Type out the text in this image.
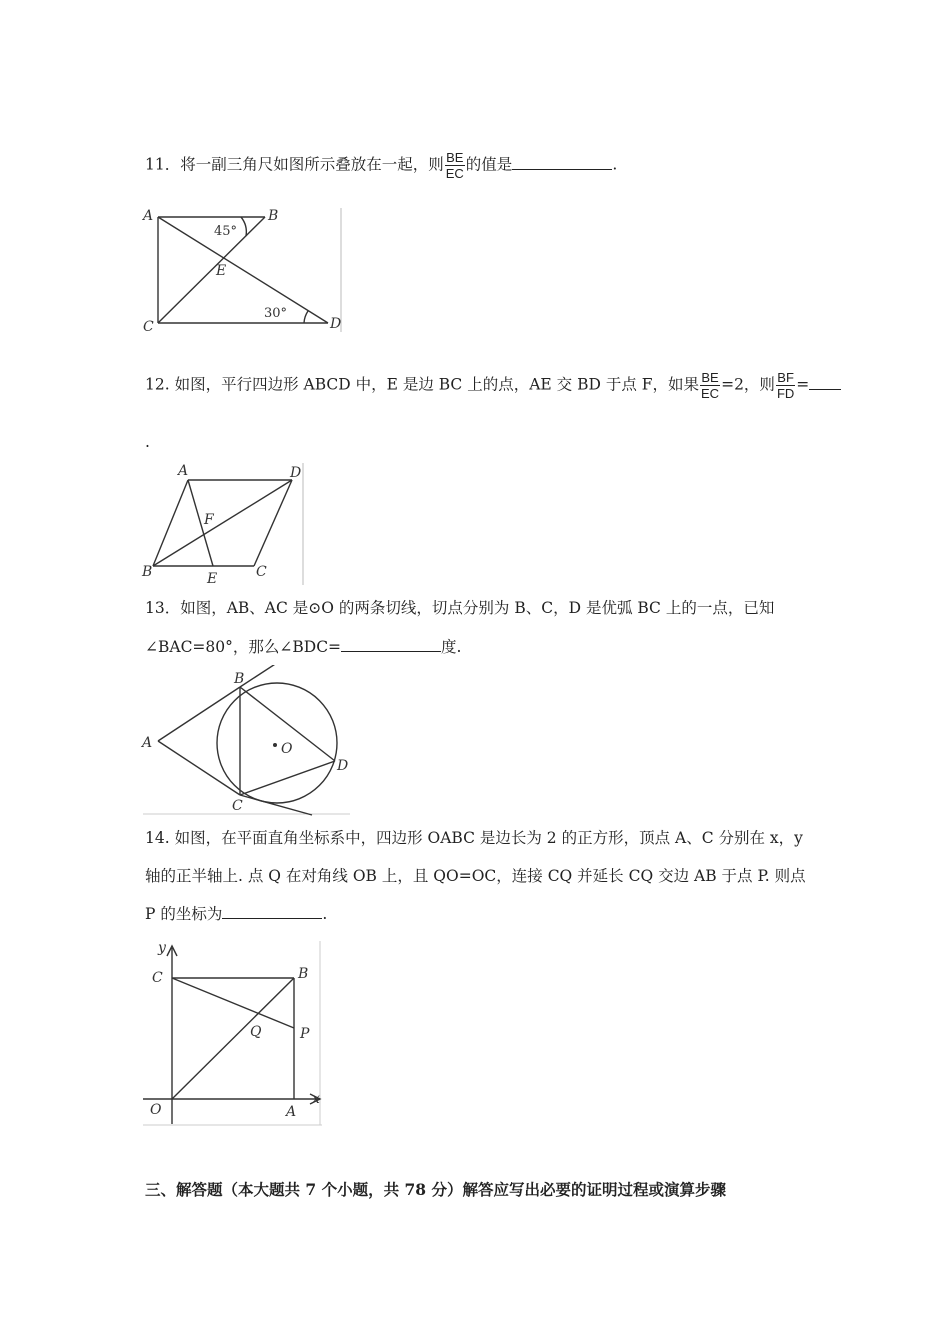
11．将一副三角尺如图所示叠放在一起，则 $\frac{BE}{EC}$ 的值是	.
A	B
C	D
E
45°
30°
12. 如图，平行四边形 ABCD 中，E 是边 BC 上的点，AE 交 BD 于点 F，如果 $\frac{BE}{EC} =2$，则 $\frac{BF}{FD}$ =
.
A	D
F
B	E	C
13．如图，AB、AC 是⊙O 的两条切线，切点分别为 B、C，D 是优弧 BC 上的一点，已知
∠BAC=80°，那么∠BDC=	度.
A
B
O
D
C
14. 如图，在平面直角坐标系中，四边形 OABC 是边长为 2 的正方形，顶点 A、C 分别在 x，y
轴的正半轴上. 点 Q 在对角线 OB 上，且 QO=OC，连接 CQ 并延长 CQ 交边 AB 于点 P. 则点
P 的坐标为	.
y
C	B
Q	P
O	A
x
三、解答题（本大题共 7 个小题，共 78 分）解答应写出必要的证明过程或演算步骤
